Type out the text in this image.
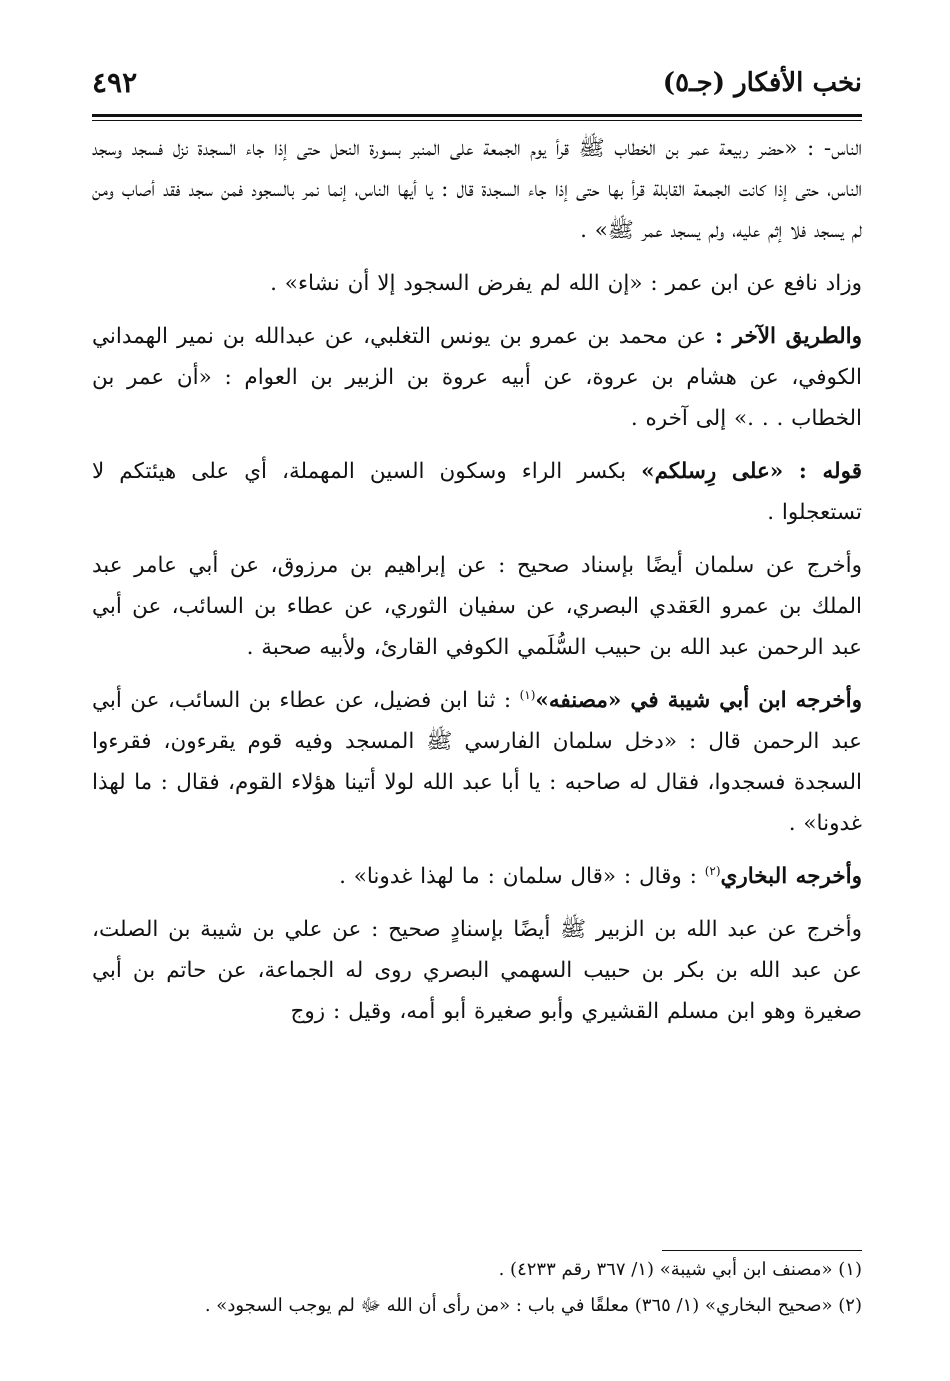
نخب الأفكار (جـ٥)
٤٩٢

الناس- : «حضر ربيعة عمر بن الخطاب ﷺ قرأ يوم الجمعة على المنبر بسورة النحل حتى إذا جاء السجدة نزل فسجد وسجد الناس، حتى إذا كانت الجمعة القابلة قرأ بها حتى إذا جاء السجدة قال : يا أيها الناس، إنما نمر بالسجود فمن سجد فقد أصاب ومن لم يسجد فلا إثم عليه، ولم يسجد عمر ﷺ» .

وزاد نافع عن ابن عمر : «إن الله لم يفرض السجود إلا أن نشاء» .

والطريق الآخر : عن محمد بن عمرو بن يونس التغلبي، عن عبدالله بن نمير الهمداني الكوفي، عن هشام بن عروة، عن أبيه عروة بن الزبير بن العوام : «أن عمر بن الخطاب . . .» إلى آخره .

قوله : «على رِسلكم» بكسر الراء وسكون السين المهملة، أي على هيئتكم لا تستعجلوا .

وأخرج عن سلمان أيضًا بإسناد صحيح : عن إبراهيم بن مرزوق، عن أبي عامر عبد الملك بن عمرو العَقدي البصري، عن سفيان الثوري، عن عطاء بن السائب، عن أبي عبد الرحمن عبد الله بن حبيب السُّلَمي الكوفي القارئ، ولأبيه صحبة .

وأخرجه ابن أبي شيبة في «مصنفه»$^{(١)}$ : ثنا ابن فضيل، عن عطاء بن السائب، عن أبي عبد الرحمن قال : «دخل سلمان الفارسي ﷺ المسجد وفيه قوم يقرءون، فقرءوا السجدة فسجدوا، فقال له صاحبه : يا أبا عبد الله لولا أتينا هؤلاء القوم، فقال : ما لهذا غدونا» .

وأخرجه البخاري$^{(٢)}$ : وقال : «قال سلمان : ما لهذا غدونا» .

وأخرج عن عبد الله بن الزبير ﷺ أيضًا بإسنادٍ صحيح : عن علي بن شيبة بن الصلت، عن عبد الله بن بكر بن حبيب السهمي البصري روى له الجماعة، عن حاتم بن أبي صغيرة وهو ابن مسلم القشيري وأبو صغيرة أبو أمه، وقيل : زوج

(١) «مصنف ابن أبي شيبة» (١/ ٣٦٧ رقم ٤٢٣٣) .

(٢) «صحيح البخاري» (١/ ٣٦٥) معلقًا في باب : «من رأى أن الله ﷻ لم يوجب السجود» .
